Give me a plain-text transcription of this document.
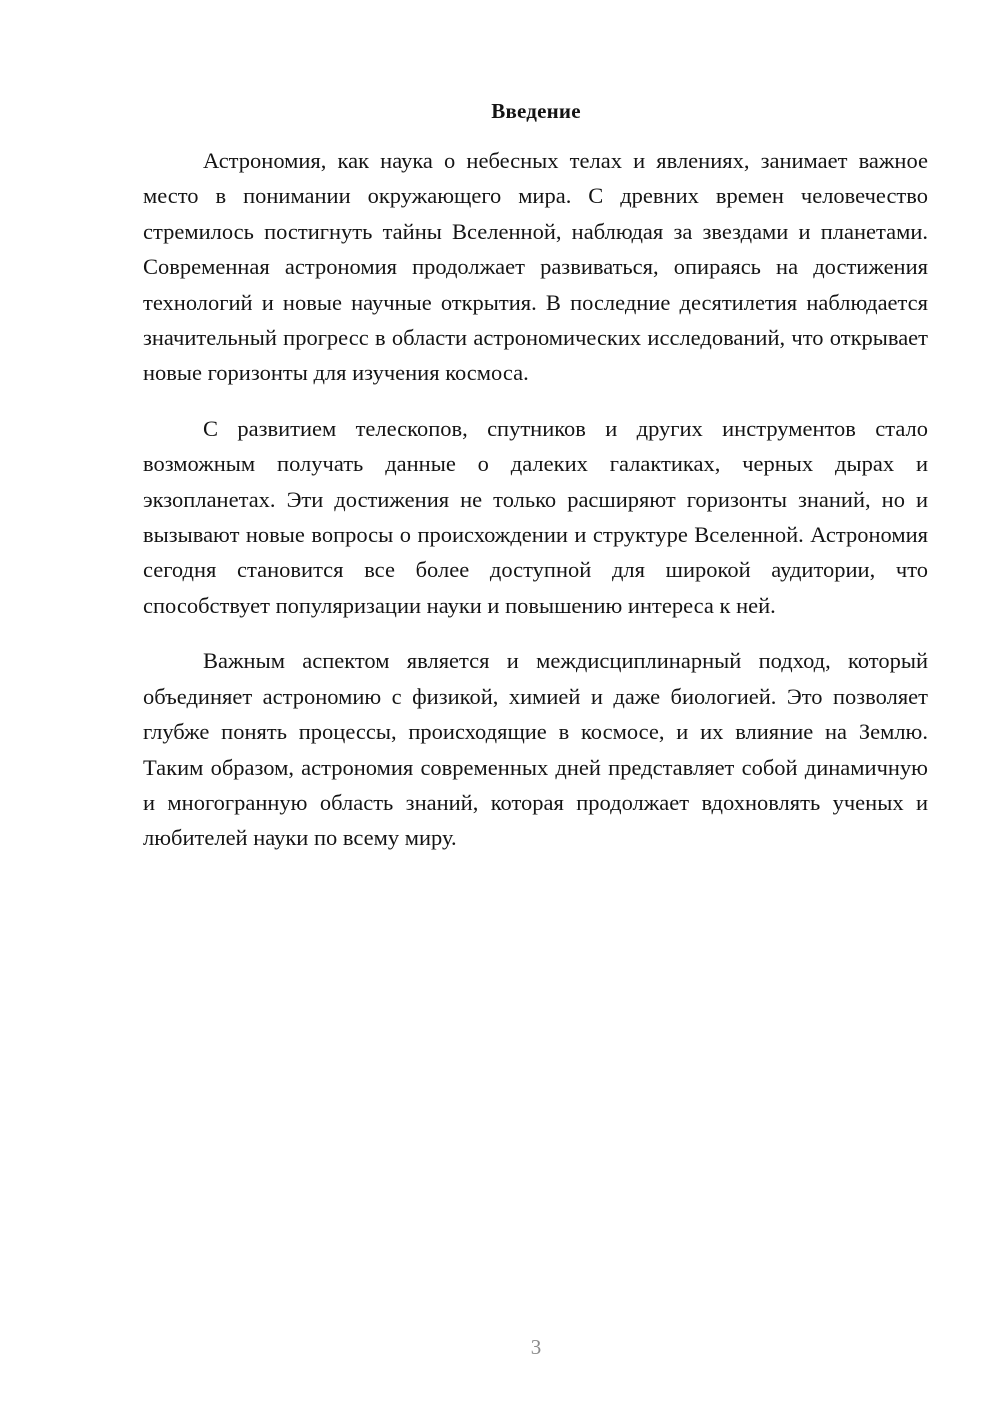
Введение

Астрономия, как наука о небесных телах и явлениях, занимает важное место в понимании окружающего мира. С древних времен человечество стремилось постигнуть тайны Вселенной, наблюдая за звездами и планетами. Современная астрономия продолжает развиваться, опираясь на достижения технологий и новые научные открытия. В последние десятилетия наблюдается значительный прогресс в области астрономических исследований, что открывает новые горизонты для изучения космоса.

С развитием телескопов, спутников и других инструментов стало возможным получать данные о далеких галактиках, черных дырах и экзопланетах. Эти достижения не только расширяют горизонты знаний, но и вызывают новые вопросы о происхождении и структуре Вселенной. Астрономия сегодня становится все более доступной для широкой аудитории, что способствует популяризации науки и повышению интереса к ней.

Важным аспектом является и междисциплинарный подход, который объединяет астрономию с физикой, химией и даже биологией. Это позволяет глубже понять процессы, происходящие в космосе, и их влияние на Землю. Таким образом, астрономия современных дней представляет собой динамичную и многогранную область знаний, которая продолжает вдохновлять ученых и любителей науки по всему миру.

3
